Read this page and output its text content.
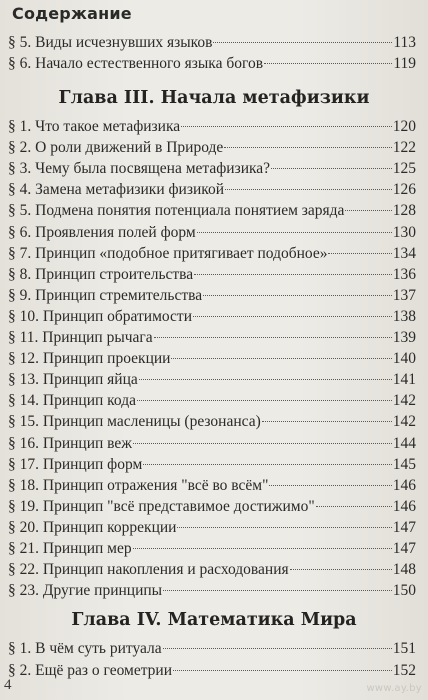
Содержание
§ 5. Виды исчезнувших языков	113
§ 6. Начало естественного языка богов	119
Глава III. Начала метафизики
§ 1. Что такое метафизика	120
§ 2. О роли движений в Природе	122
§ 3. Чему была посвящена метафизика?	125
§ 4. Замена метафизики физикой	126
§ 5. Подмена понятия потенциала понятием заряда	128
§ 6. Проявления полей форм	130
§ 7. Принцип «подобное притягивает подобное»	134
§ 8. Принцип строительства	136
§ 9. Принцип стремительства	137
§ 10. Принцип обратимости	138
§ 11. Принцип рычага	139
§ 12. Принцип проекции	140
§ 13. Принцип яйца	141
§ 14. Принцип кода	142
§ 15. Принцип масленицы (резонанса)	142
§ 16. Принцип веж	144
§ 17. Принцип форм	145
§ 18. Принцип отражения "всё во всём"	146
§ 19. Принцип "всё представимое достижимо"	146
§ 20. Принцип коррекции	147
§ 21. Принцип мер	147
§ 22. Принцип накопления и расходования	148
§ 23. Другие принципы	150
Глава IV. Математика Мира
§ 1. В чём суть ритуала	151
§ 2. Ещё раз о геометрии	152
4	www.ay.by
